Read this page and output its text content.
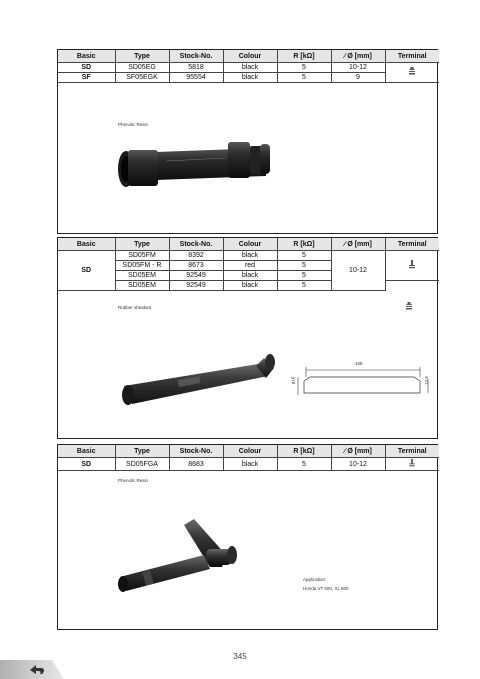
Basic	Type	Stock-No.	Colour	R [kΩ]	∕ Ø [mm]	Terminal
SD	SD05EG	5818	black	5	10-12	
SF	SF05EGK	95554	black	5	9	
Phenolic Resin
Basic	Type	Stock-No.	Colour	R [kΩ]	∕ Ø [mm]	Terminal
SD	SD05FM	8392	black	5	10-12	
	SD05FM - R	8673	red	5		
	SD05EM	92549	black	5		
	SD05EM	92549	black	5		
Rubber sheaked
108
ø16	12,6
Basic	Type	Stock-No.	Colour	R [kΩ]	∕ Ø [mm]	Terminal
SD	SD05FGA	8683	black	5	10-12	
Phenolic Resin
Application:
Honda VT 600, XL 600
345
